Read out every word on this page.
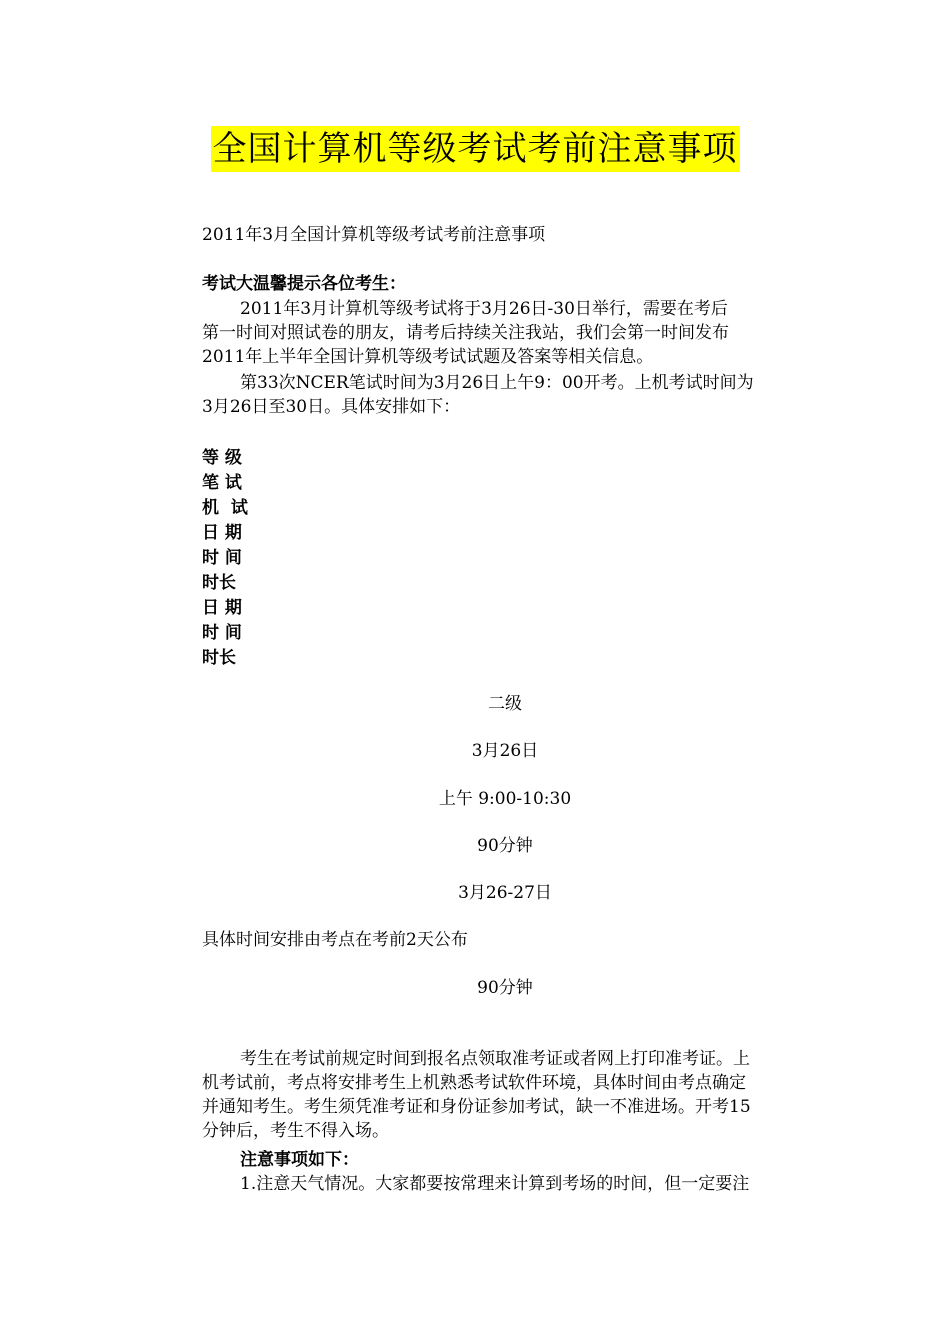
全国计算机等级考试考前注意事项
2011年3月全国计算机等级考试考前注意事项
考试大温馨提示各位考生：
2011年3月计算机等级考试将于3月26日-30日举行，需要在考后
第一时间对照试卷的朋友，请考后持续关注我站，我们会第一时间发布
2011年上半年全国计算机等级考试试题及答案等相关信息。
第33次NCER笔试时间为3月26日上午9：00开考。上机考试时间为
3月26日至30日。具体安排如下：
等 级
笔 试
机  试
日 期
时 间
时长
日 期
时 间
时长
二级
3月26日
上午 9:00-10:30
90分钟
3月26-27日
具体时间安排由考点在考前2天公布
90分钟
考生在考试前规定时间到报名点领取准考证或者网上打印准考证。上
机考试前，考点将安排考生上机熟悉考试软件环境，具体时间由考点确定
并通知考生。考生须凭准考证和身份证参加考试，缺一不准进场。开考15
分钟后，考生不得入场。
注意事项如下：
1.注意天气情况。大家都要按常理来计算到考场的时间，但一定要注
